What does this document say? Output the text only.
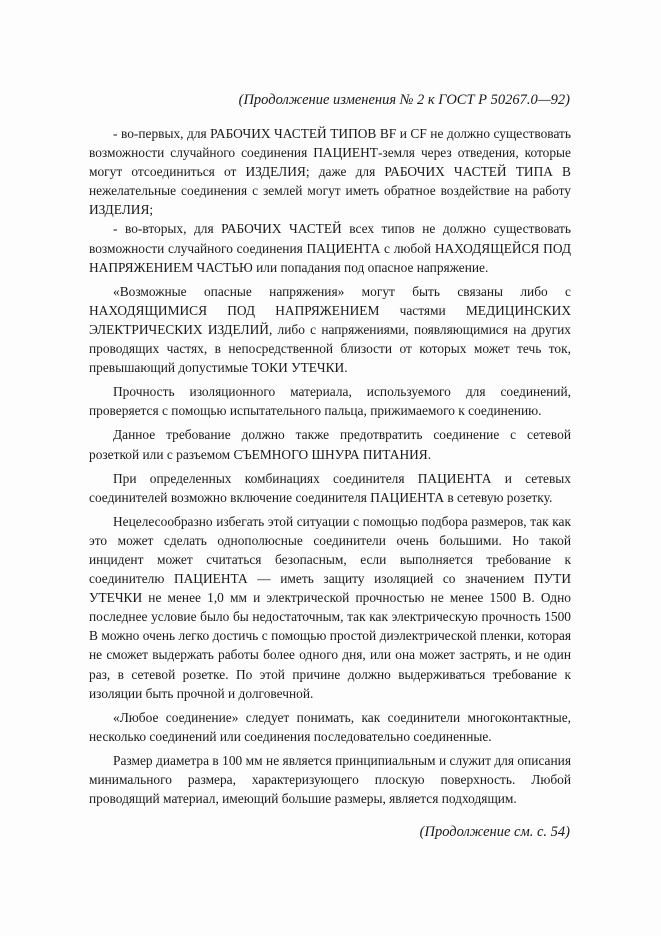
(Продолжение изменения № 2 к ГОСТ Р 50267.0—92)

- во-первых, для РАБОЧИХ ЧАСТЕЙ ТИПОВ BF и CF не должно существовать возможности случайного соединения ПАЦИЕНТ-земля через отведения, которые могут отсоединиться от ИЗДЕЛИЯ; даже для РАБОЧИХ ЧАСТЕЙ ТИПА В нежелательные соединения с землей могут иметь обратное воздействие на работу ИЗДЕЛИЯ;

- во-вторых, для РАБОЧИХ ЧАСТЕЙ всех типов не должно существовать возможности случайного соединения ПАЦИЕНТА с любой НАХОДЯЩЕЙСЯ ПОД НАПРЯЖЕНИЕМ ЧАСТЬЮ или попадания под опасное напряжение.

«Возможные опасные напряжения» могут быть связаны либо с НАХОДЯЩИМИСЯ ПОД НАПРЯЖЕНИЕМ частями МЕДИЦИНСКИХ ЭЛЕКТРИЧЕСКИХ ИЗДЕЛИЙ, либо с напряжениями, появляющимися на других проводящих частях, в непосредственной близости от которых может течь ток, превышающий допустимые ТОКИ УТЕЧКИ.

Прочность изоляционного материала, используемого для соединений, проверяется с помощью испытательного пальца, прижимаемого к соединению.

Данное требование должно также предотвратить соединение с сетевой розеткой или с разъемом СЪЕМНОГО ШНУРА ПИТАНИЯ.

При определенных комбинациях соединителя ПАЦИЕНТА и сетевых соединителей возможно включение соединителя ПАЦИЕНТА в сетевую розетку.

Нецелесообразно избегать этой ситуации с помощью подбора размеров, так как это может сделать однополюсные соединители очень большими. Но такой инцидент может считаться безопасным, если выполняется требование к соединителю ПАЦИЕНТА — иметь защиту изоляцией со значением ПУТИ УТЕЧКИ не менее 1,0 мм и электрической прочностью не менее 1500 В. Одно последнее условие было бы недостаточным, так как электрическую прочность 1500 В можно очень легко достичь с помощью простой диэлектрической пленки, которая не сможет выдержать работы более одного дня, или она может застрять, и не один раз, в сетевой розетке. По этой причине должно выдерживаться требование к изоляции быть прочной и долговечной.

«Любое соединение» следует понимать, как соединители многоконтактные, несколько соединений или соединения последовательно соединенные.

Размер диаметра в 100 мм не является принципиальным и служит для описания минимального размера, характеризующего плоскую поверхность. Любой проводящий материал, имеющий большие размеры, является подходящим.

(Продолжение см. с. 54)
